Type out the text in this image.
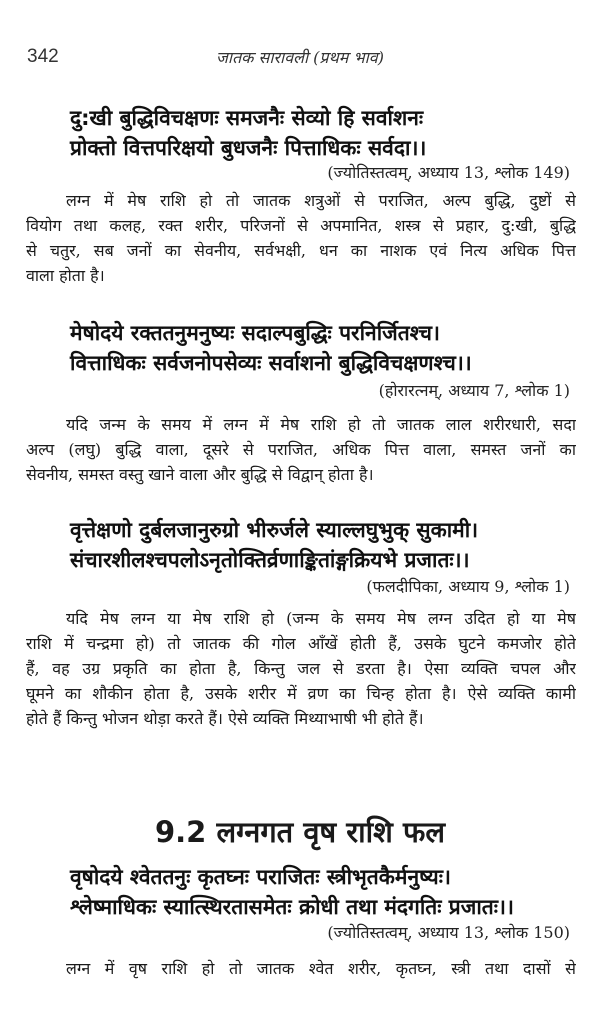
342	जातक सारावली (प्रथम भाव)
दु:खी बुद्धिविचक्षणः समजनैः सेव्यो हि सर्वाशनः
प्रोक्तो वित्तपरिक्षयो बुधजनैः पित्ताधिकः सर्वदा।।
(ज्योतिस्तत्वम्, अध्याय 13, श्लोक 149)
लग्न में मेष राशि हो तो जातक शत्रुओं से पराजित, अल्प बुद्धि, दुष्टों से
वियोग तथा कलह, रक्त शरीर, परिजनों से अपमानित, शस्त्र से प्रहार, दु:खी, बुद्धि
से चतुर, सब जनों का सेवनीय, सर्वभक्षी, धन का नाशक एवं नित्य अधिक पित्त
वाला होता है।
मेषोदये रक्ततनुमनुष्यः सदाल्पबुद्धिः परनिर्जितश्च।
वित्ताधिकः सर्वजनोपसेव्यः सर्वाशनो बुद्धिविचक्षणश्च।।
(होरारत्नम्, अध्याय 7, श्लोक 1)
यदि जन्म के समय में लग्न में मेष राशि हो तो जातक लाल शरीरधारी, सदा
अल्प (लघु) बुद्धि वाला, दूसरे से पराजित, अधिक पित्त वाला, समस्त जनों का
सेवनीय, समस्त वस्तु खाने वाला और बुद्धि से विद्वान् होता है।
वृत्तेक्षणो दुर्बलजानुरुग्रो भीरुर्जले स्याल्लघुभुक् सुकामी।
संचारशीलश्चपलोऽनृतोक्तिर्व्रणाङ्कितांङ्गक्रियभे प्रजातः।।
(फलदीपिका, अध्याय 9, श्लोक 1)
यदि मेष लग्न या मेष राशि हो (जन्म के समय मेष लग्न उदित हो या मेष
राशि में चन्द्रमा हो) तो जातक की गोल आँखें होती हैं, उसके घुटने कमजोर होते
हैं, वह उग्र प्रकृति का होता है, किन्तु जल से डरता है। ऐसा व्यक्ति चपल और
घूमने का शौकीन होता है, उसके शरीर में व्रण का चिन्ह होता है। ऐसे व्यक्ति कामी
होते हैं किन्तु भोजन थोड़ा करते हैं। ऐसे व्यक्ति मिथ्याभाषी भी होते हैं।
9.2 लग्नगत वृष राशि फल
वृषोदये श्वेततनुः कृतघ्नः पराजितः स्त्रीभृतकैर्मनुष्यः।
श्लेष्माधिकः स्यात्स्थिरतासमेतः क्रोधी तथा मंदगतिः प्रजातः।।
(ज्योतिस्तत्वम्, अध्याय 13, श्लोक 150)
लग्न में वृष राशि हो तो जातक श्वेत शरीर, कृतघ्न, स्त्री तथा दासों से
